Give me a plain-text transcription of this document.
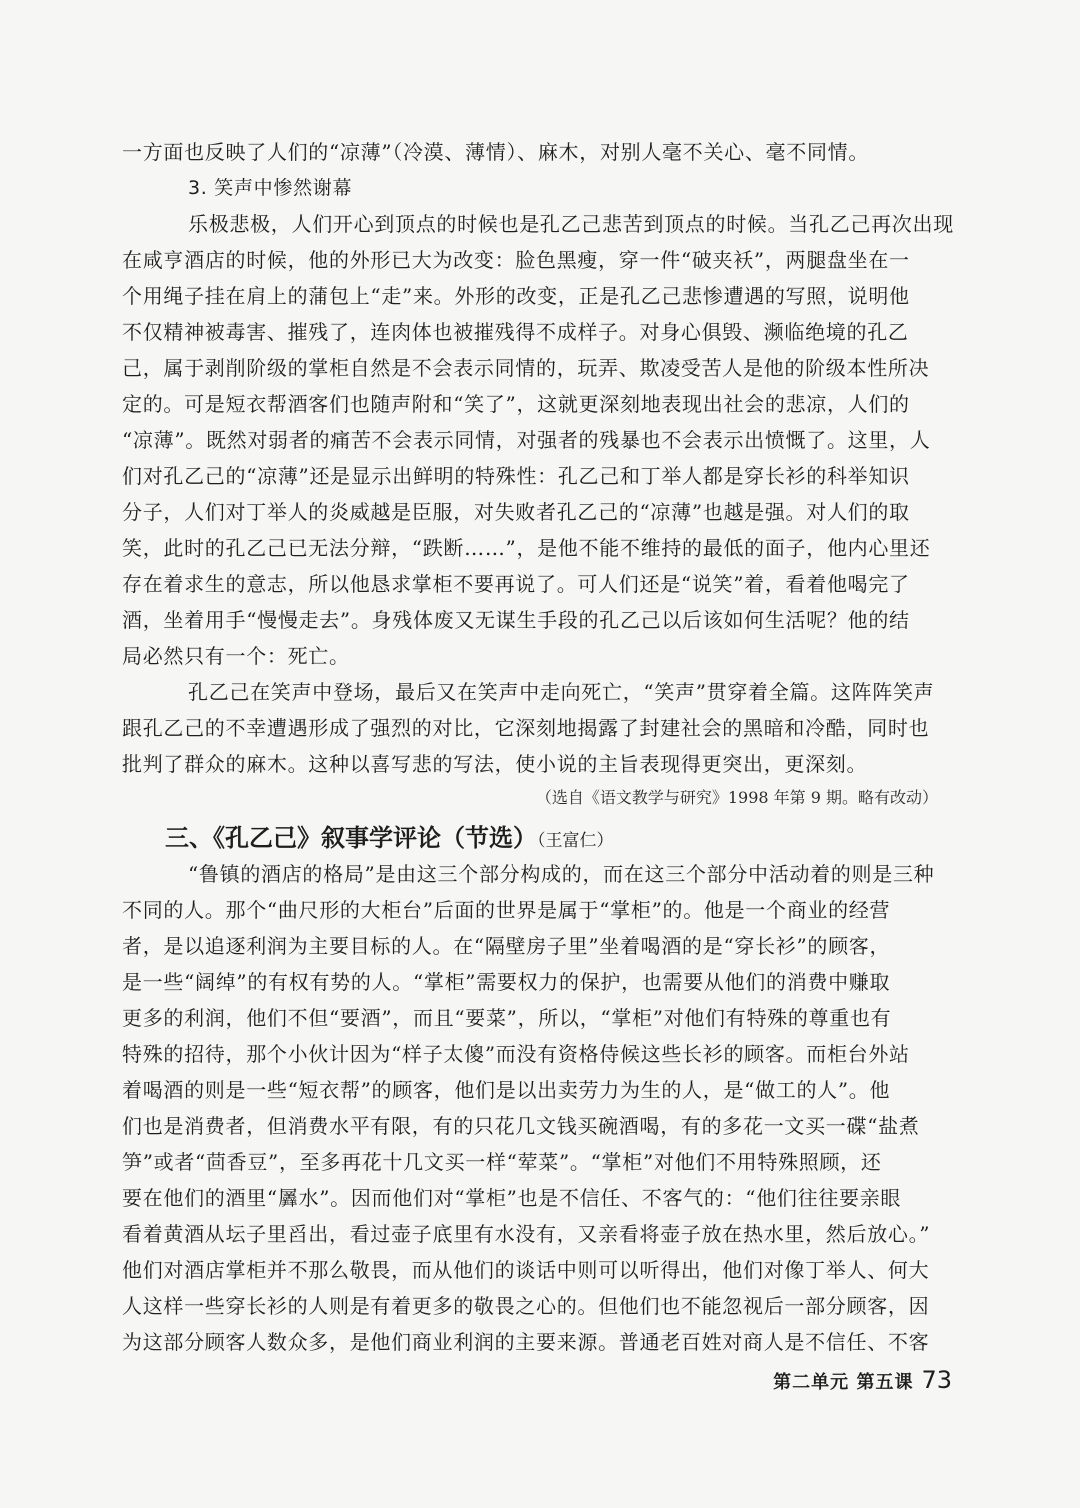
一方面也反映了人们的“凉薄”（冷漠、薄情）、麻木，对别人毫不关心、毫不同情。
3. 笑声中惨然谢幕
乐极悲极，人们开心到顶点的时候也是孔乙己悲苦到顶点的时候。当孔乙己再次出现
在咸亨酒店的时候，他的外形已大为改变：脸色黑瘦，穿一件“破夹袄”，两腿盘坐在一
个用绳子挂在肩上的蒲包上“走”来。外形的改变，正是孔乙己悲惨遭遇的写照，说明他
不仅精神被毒害、摧残了，连肉体也被摧残得不成样子。对身心俱毁、濒临绝境的孔乙
己，属于剥削阶级的掌柜自然是不会表示同情的，玩弄、欺凌受苦人是他的阶级本性所决
定的。可是短衣帮酒客们也随声附和“笑了”，这就更深刻地表现出社会的悲凉，人们的
“凉薄”。既然对弱者的痛苦不会表示同情，对强者的残暴也不会表示出愤慨了。这里，人
们对孔乙己的“凉薄”还是显示出鲜明的特殊性：孔乙己和丁举人都是穿长衫的科举知识
分子，人们对丁举人的炎威越是臣服，对失败者孔乙己的“凉薄”也越是强。对人们的取
笑，此时的孔乙己已无法分辩，“跌断……”，是他不能不维持的最低的面子，他内心里还
存在着求生的意志，所以他恳求掌柜不要再说了。可人们还是“说笑”着，看着他喝完了
酒，坐着用手“慢慢走去”。身残体废又无谋生手段的孔乙己以后该如何生活呢？他的结
局必然只有一个：死亡。
孔乙己在笑声中登场，最后又在笑声中走向死亡，“笑声”贯穿着全篇。这阵阵笑声
跟孔乙己的不幸遭遇形成了强烈的对比，它深刻地揭露了封建社会的黑暗和冷酷，同时也
批判了群众的麻木。这种以喜写悲的写法，使小说的主旨表现得更突出，更深刻。
（选自《语文教学与研究》1998 年第 9 期。略有改动）
三、《孔乙己》叙事学评论（节选）（王富仁）
“鲁镇的酒店的格局”是由这三个部分构成的，而在这三个部分中活动着的则是三种
不同的人。那个“曲尺形的大柜台”后面的世界是属于“掌柜”的。他是一个商业的经营
者，是以追逐利润为主要目标的人。在“隔壁房子里”坐着喝酒的是“穿长衫”的顾客，
是一些“阔绰”的有权有势的人。“掌柜”需要权力的保护，也需要从他们的消费中赚取
更多的利润，他们不但“要酒”，而且“要菜”，所以，“掌柜”对他们有特殊的尊重也有
特殊的招待，那个小伙计因为“样子太傻”而没有资格侍候这些长衫的顾客。而柜台外站
着喝酒的则是一些“短衣帮”的顾客，他们是以出卖劳力为生的人，是“做工的人”。他
们也是消费者，但消费水平有限，有的只花几文钱买碗酒喝，有的多花一文买一碟“盐煮
笋”或者“茴香豆”，至多再花十几文买一样“荤菜”。“掌柜”对他们不用特殊照顾，还
要在他们的酒里“羼水”。因而他们对“掌柜”也是不信任、不客气的：“他们往往要亲眼
看着黄酒从坛子里舀出，看过壶子底里有水没有，又亲看将壶子放在热水里，然后放心。”
他们对酒店掌柜并不那么敬畏，而从他们的谈话中则可以听得出，他们对像丁举人、何大
人这样一些穿长衫的人则是有着更多的敬畏之心的。但他们也不能忽视后一部分顾客，因
为这部分顾客人数众多，是他们商业利润的主要来源。普通老百姓对商人是不信任、不客
第二单元 第五课 73
